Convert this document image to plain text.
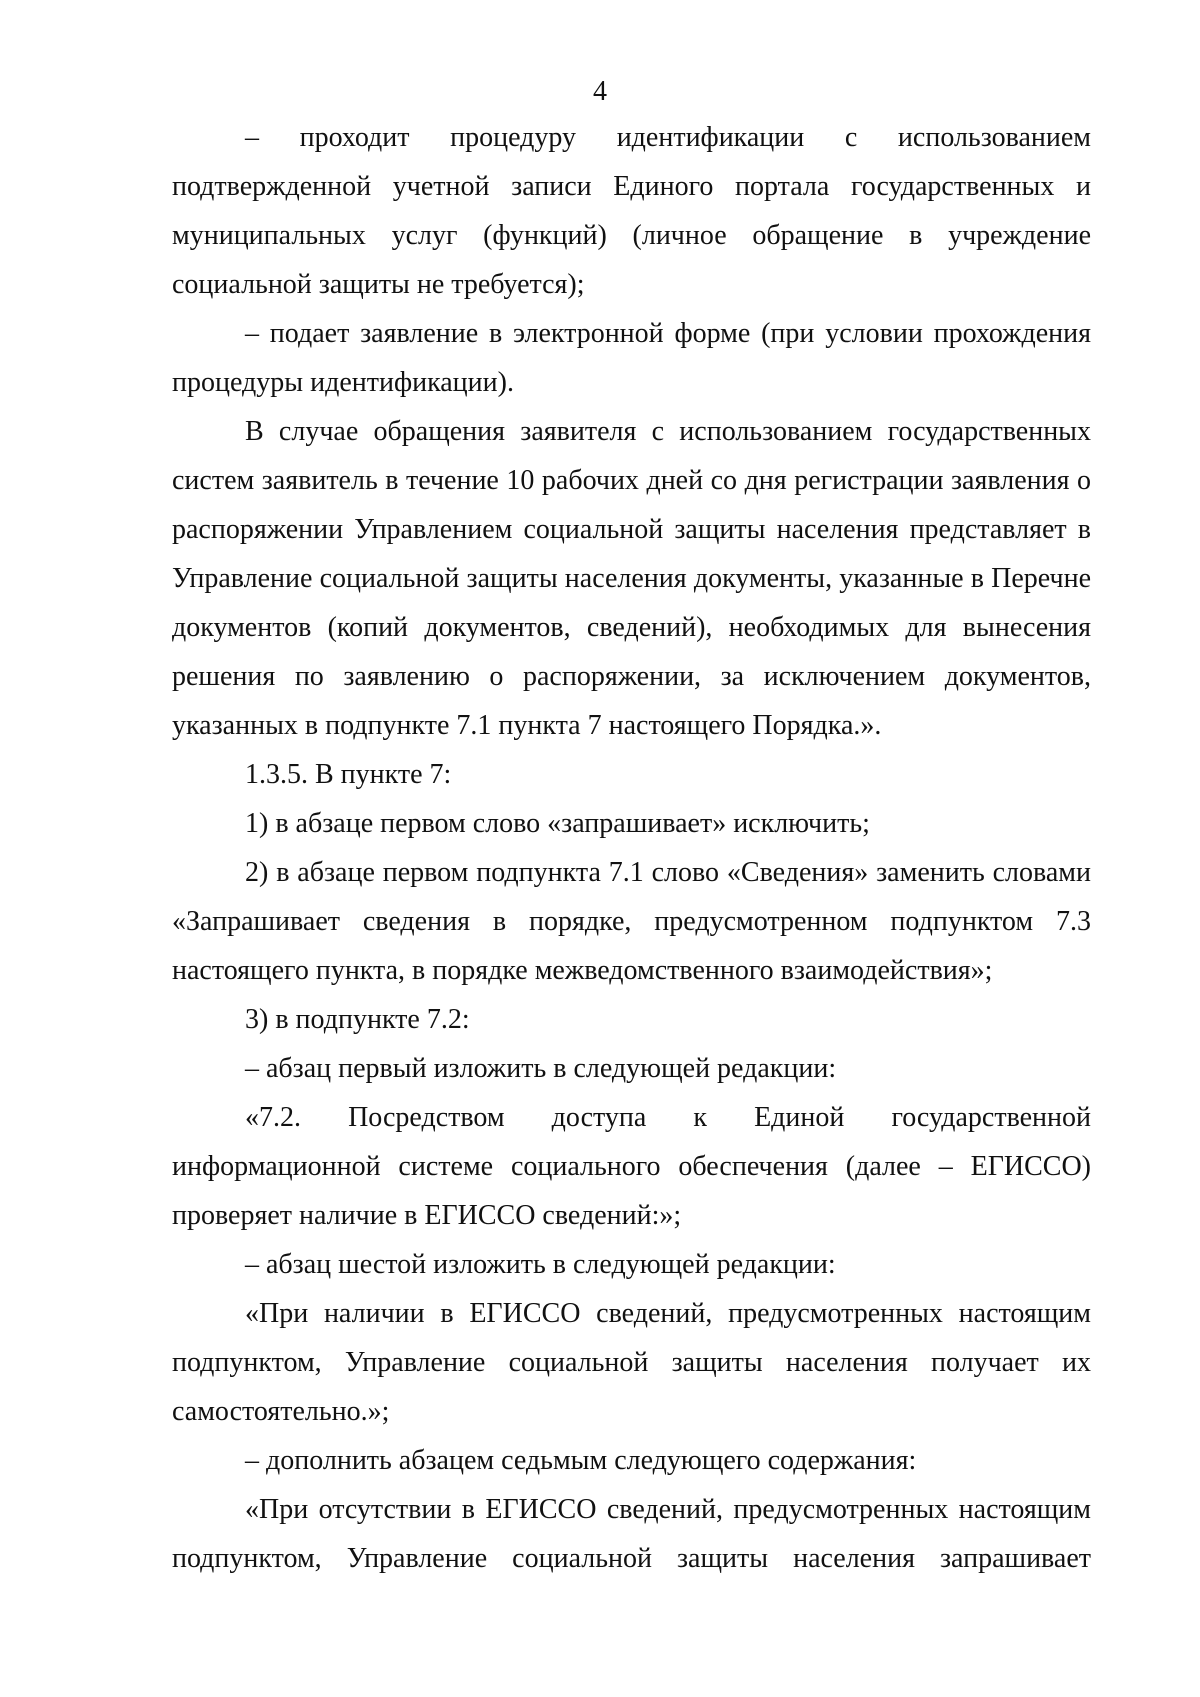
4

– проходит процедуру идентификации с использованием подтвержденной учетной записи Единого портала государственных и муниципальных услуг (функций) (личное обращение в учреждение социальной защиты не требуется);

– подает заявление в электронной форме (при условии прохождения процедуры идентификации).

В случае обращения заявителя с использованием государственных систем заявитель в течение 10 рабочих дней со дня регистрации заявления о распоряжении Управлением социальной защиты населения представляет в Управление социальной защиты населения документы, указанные в Перечне документов (копий документов, сведений), необходимых для вынесения решения по заявлению о распоряжении, за исключением документов, указанных в подпункте 7.1 пункта 7 настоящего Порядка.».

1.3.5. В пункте 7:

1) в абзаце первом слово «запрашивает» исключить;

2) в абзаце первом подпункта 7.1 слово «Сведения» заменить словами «Запрашивает сведения в порядке, предусмотренном подпунктом 7.3 настоящего пункта, в порядке межведомственного взаимодействия»;

3) в подпункте 7.2:

– абзац первый изложить в следующей редакции:

«7.2. Посредством доступа к Единой государственной информационной системе социального обеспечения (далее – ЕГИССО) проверяет наличие в ЕГИССО сведений:»;

– абзац шестой изложить в следующей редакции:

«При наличии в ЕГИССО сведений, предусмотренных настоящим подпунктом, Управление социальной защиты населения получает их самостоятельно.»;

– дополнить абзацем седьмым следующего содержания:

«При отсутствии в ЕГИССО сведений, предусмотренных настоящим подпунктом, Управление социальной защиты населения запрашивает
